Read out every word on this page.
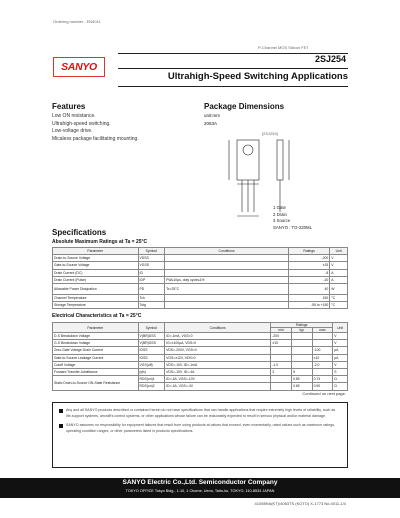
Ordering number : EN4011
SANYO
P-Channel MOS Silicon FET
2SJ254
Ultrahigh-Speed Switching Applications
Features
Low ON resistance.
Ultrahigh-speed switching.
Low-voltage drive.
Micaless package facilitating mounting.
Package Dimensions
unit:mm
2063A
[2SJ254]
1 Gate
2 Drain
3 Source
SANYO : TO-220ML
Specifications
Absolute Maximum Ratings at Ta = 25°C
Parameter	Symbol	Conditions	Ratings	Unit
Drain-to-Source Voltage	VDSS		-200	V
Gate-to-Source Voltage	VGSS		±15	V
Drain Current (DC)	ID		-8	A
Drain Current (Pulse)	IDP	PW≤10μs, duty cycle≤1%	-20	A
Allowable Power Dissipation	PD	Tc=25°C	40	W
Channel Temperature	Tch		150	°C
Storage Temperature	Tstg		-55 to +150	°C
Electrical Characteristics at Ta = 25°C
Parameter	Symbol	Conditions	Ratings			Unit
			min	typ	max	
D-S Breakdown Voltage	V(BR)DSS	ID=-1mA, VGS=0	-200			V
G-S Breakdown Voltage	V(BR)GSS	IG=±100μA, VDS=0	±15			V
Zero-Gate Voltage Drain Current	IDSS	VDS=-200V, VGS=0			-100	μA
Gate-to-Source Leakage Current	IGSS	VGS=±12V, VDS=0			±10	μA
Cutoff Voltage	VGS(off)	VDS=-10V, ID=-1mA	-1.0		-2.0	V
Forward Transfer Admittance	|yfs|	VDS=-10V, ID=-4A	3	5		S
Static Drain-to-Source ON-State Resistance	RDS(on)1	ID=-4A, VGS=-10V		0.55	0.73	Ω
	RDS(on)2	ID=-4A, VGS=-4V		0.65	0.90	Ω
Continued on next page.
Any and all SANYO products described or contained herein do not have specifications that can handle applications that require extremely high levels of reliability, such as life-support systems, aircraft's control systems, or other applications whose failure can be reasonably expected to result in serious physical and/or material damage.
SANYO assumes no responsibility for equipment failures that result from using products at values that exceed, even momentarily, rated values such as maximum ratings, operating condition ranges, or other parameters listed in products specifications.
SANYO Electric Co.,Ltd. Semiconductor Company
TOKYO OFFICE Tokyo Bldg., 1-10, 1 Chome, Ueno, Taito-ku, TOKYO, 110-8534 JAPAN
41098HA(KT)/4063TS (KOTO) X-1773 No.4011-1/4
